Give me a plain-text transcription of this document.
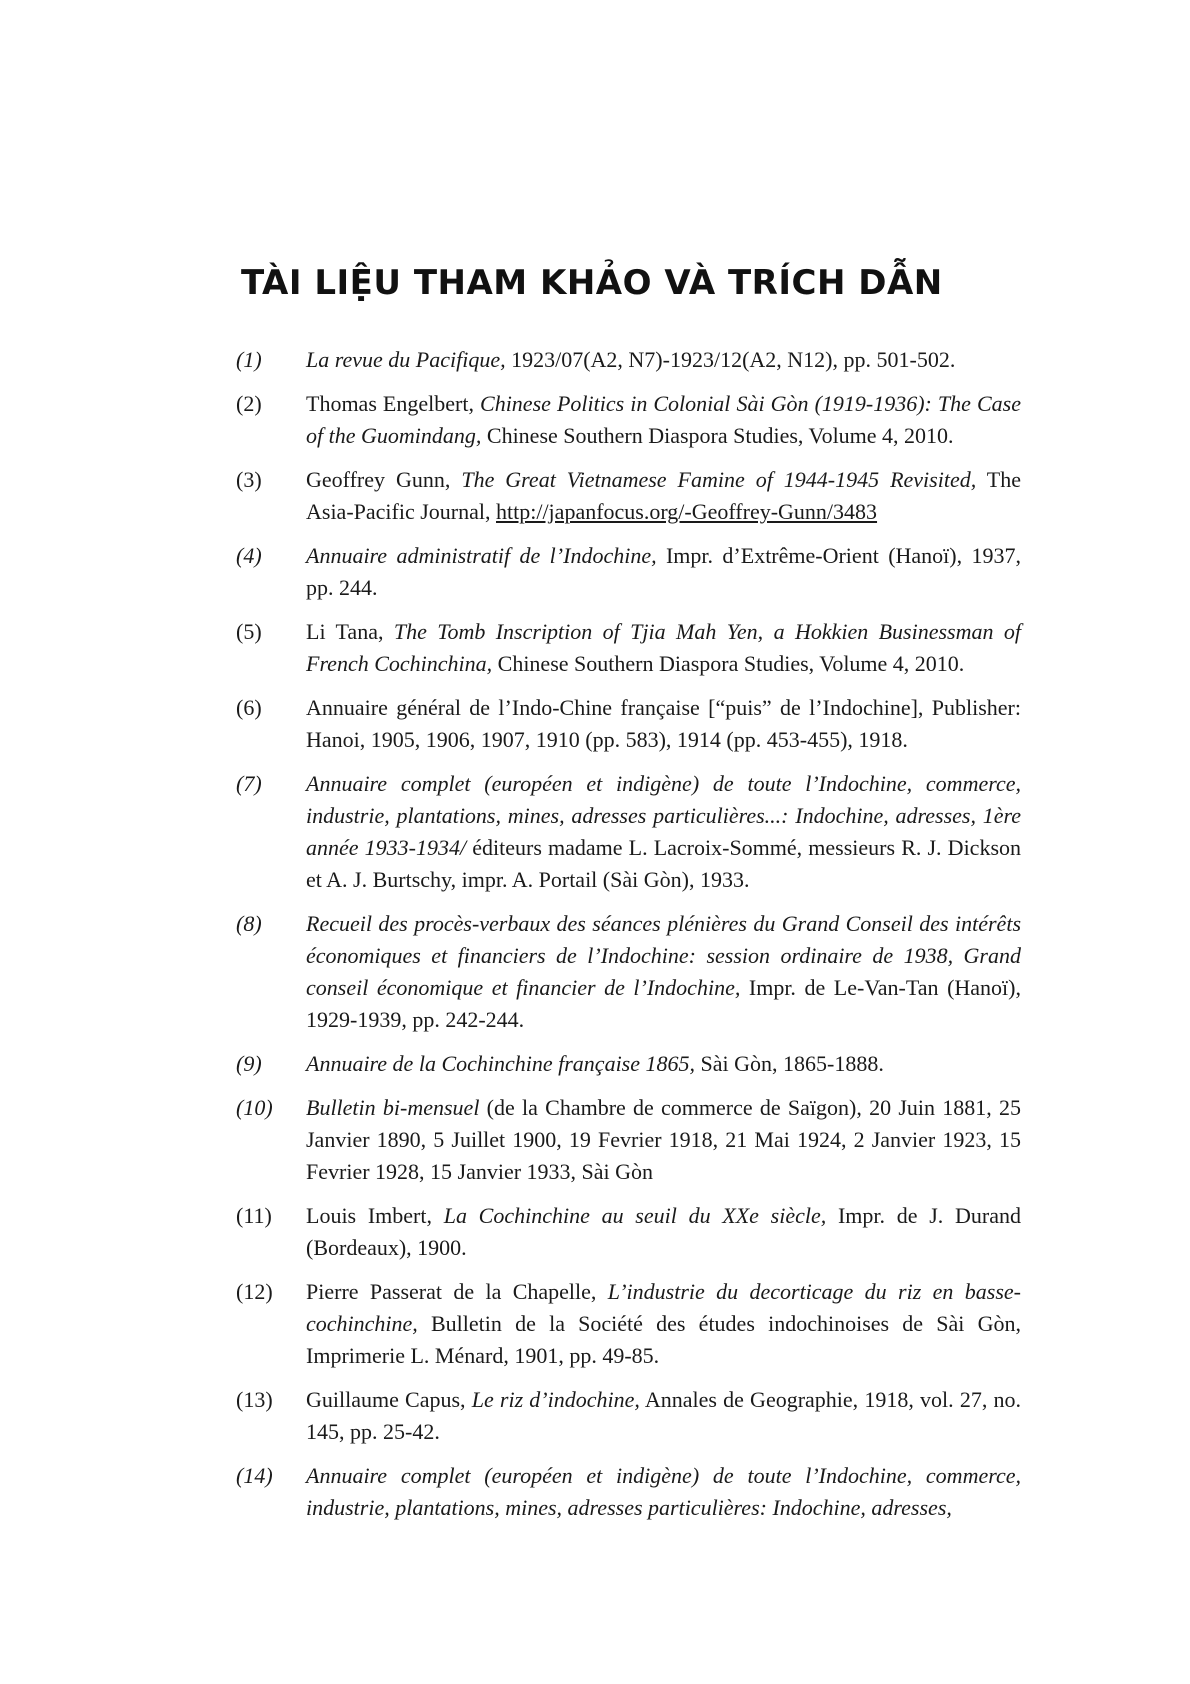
TÀI LIỆU THAM KHẢO VÀ TRÍCH DẪN
(1)	La revue du Pacifique, 1923/07(A2, N7)-1923/12(A2, N12), pp. 501-502.
(2)	Thomas Engelbert, Chinese Politics in Colonial Sài Gòn (1919-1936): The Case of the Guomindang, Chinese Southern Diaspora Studies, Volume 4, 2010.
(3)	Geoffrey Gunn, The Great Vietnamese Famine of 1944-1945 Revisited, The Asia-Pacific Journal, http://japanfocus.org/-Geoffrey-Gunn/3483
(4)	Annuaire administratif de l’Indochine, Impr. d’Extrême-Orient (Hanoï), 1937, pp. 244.
(5)	Li Tana, The Tomb Inscription of Tjia Mah Yen, a Hokkien Businessman of French Cochinchina, Chinese Southern Diaspora Studies, Volume 4, 2010.
(6)	Annuaire général de l’Indo-Chine française [“puis” de l’Indochine], Publisher: Hanoi, 1905, 1906, 1907, 1910 (pp. 583), 1914 (pp. 453-455), 1918.
(7)	Annuaire complet (européen et indigène) de toute l’Indochine, commerce, industrie, plantations, mines, adresses particulières...: Indochine, adresses, 1ère année 1933-1934/ éditeurs madame L. Lacroix-Sommé, messieurs R. J. Dickson et A. J. Burtschy, impr. A. Portail (Sài Gòn), 1933.
(8)	Recueil des procès-verbaux des séances plénières du Grand Conseil des intérêts économiques et financiers de l’Indochine: session ordinaire de 1938, Grand conseil économique et financier de l’Indochine, Impr. de Le-Van-Tan (Hanoï), 1929-1939, pp. 242-244.
(9)	Annuaire de la Cochinchine française 1865, Sài Gòn, 1865-1888.
(10)	Bulletin bi-mensuel (de la Chambre de commerce de Saïgon), 20 Juin 1881, 25 Janvier 1890, 5 Juillet 1900, 19 Fevrier 1918, 21 Mai 1924, 2 Janvier 1923, 15 Fevrier 1928, 15 Janvier 1933, Sài Gòn
(11)	Louis Imbert, La Cochinchine au seuil du XXe siècle, Impr. de J. Durand (Bordeaux), 1900.
(12)	Pierre Passerat de la Chapelle, L’industrie du decorticage du riz en basse-cochinchine, Bulletin de la Société des études indochinoises de Sài Gòn, Imprimerie L. Ménard, 1901, pp. 49-85.
(13)	Guillaume Capus, Le riz d’indochine, Annales de Geographie, 1918, vol. 27, no. 145, pp. 25-42.
(14)	Annuaire complet (européen et indigène) de toute l’Indochine, commerce, industrie, plantations, mines, adresses particulières: Indochine, adresses,
